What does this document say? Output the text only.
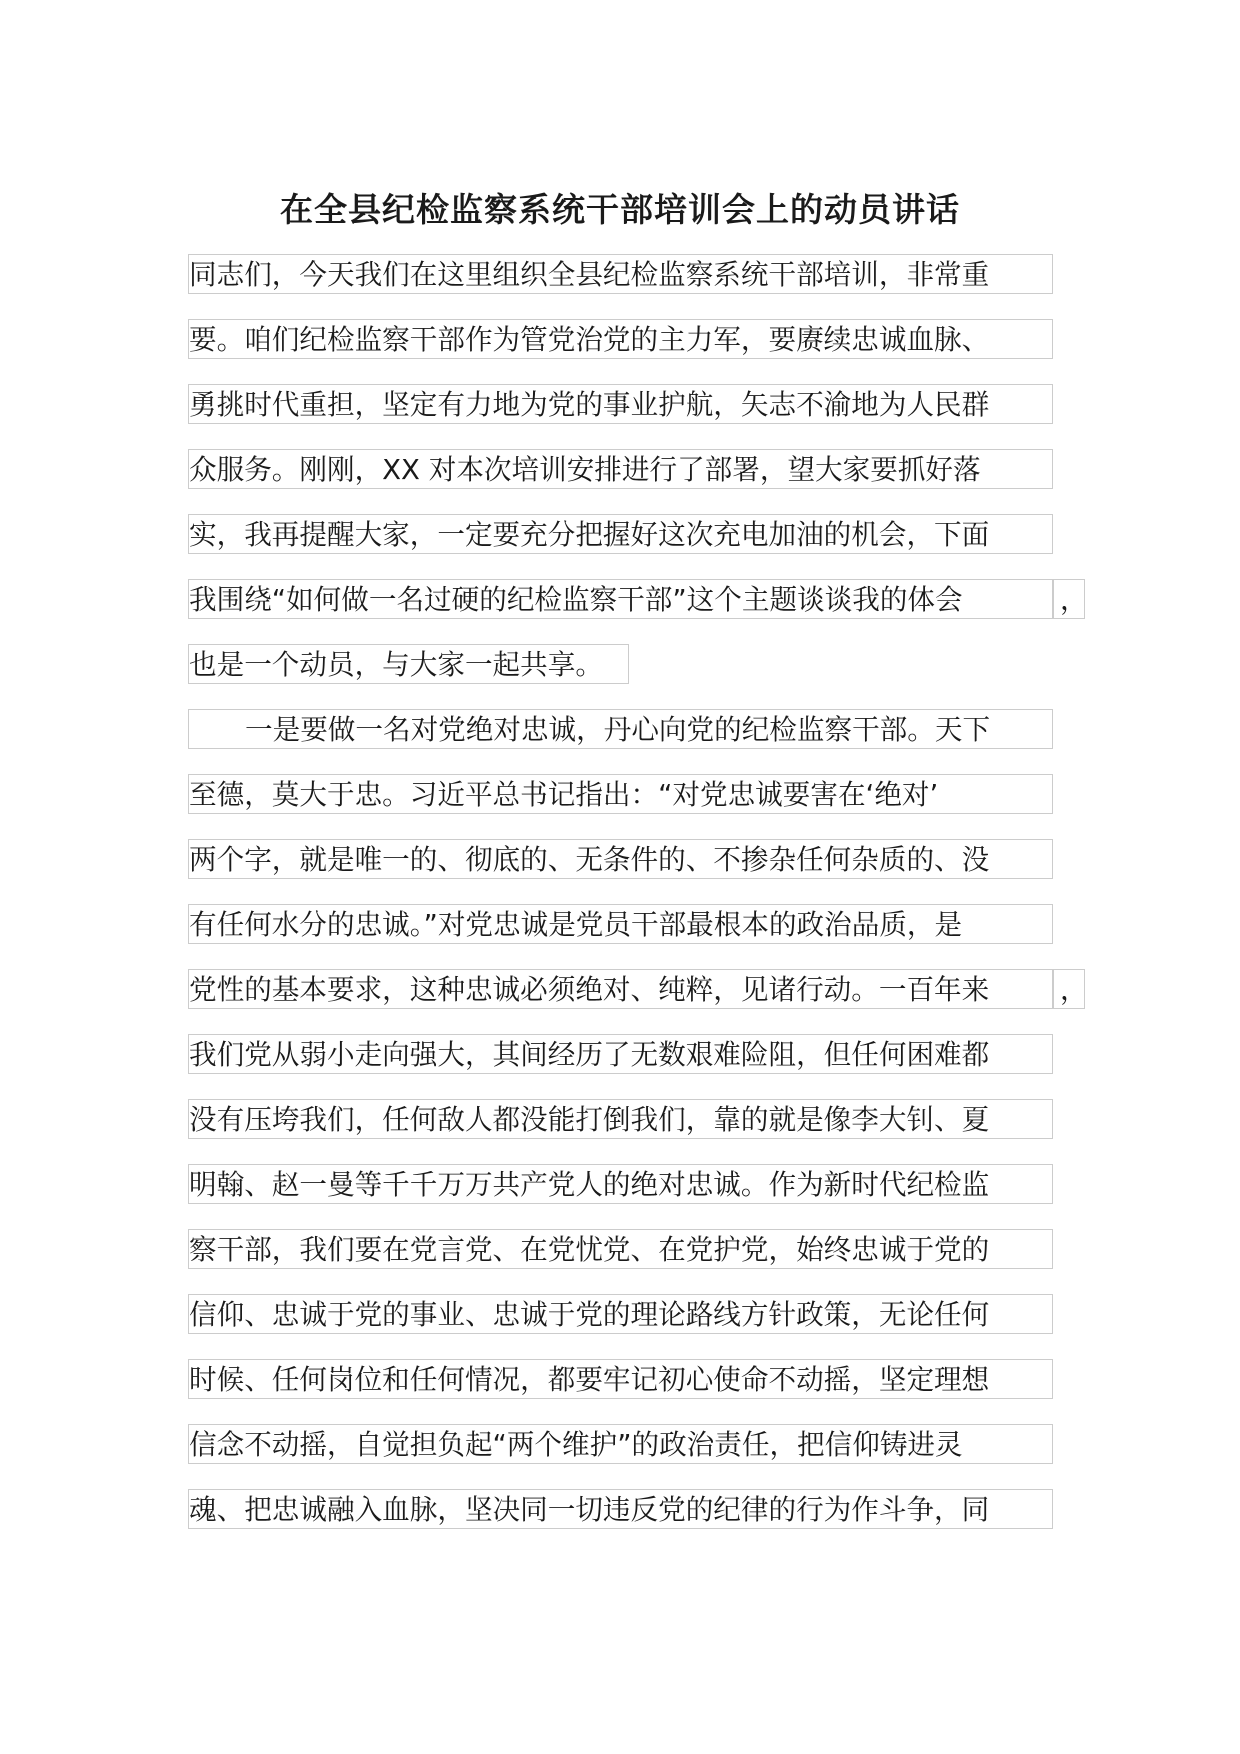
在全县纪检监察系统干部培训会上的动员讲话
同志们，今天我们在这里组织全县纪检监察系统干部培训，非常重
要。咱们纪检监察干部作为管党治党的主力军，要赓续忠诚血脉、
勇挑时代重担，坚定有力地为党的事业护航，矢志不渝地为人民群
众服务。刚刚，XX 对本次培训安排进行了部署，望大家要抓好落
实，我再提醒大家，一定要充分把握好这次充电加油的机会，下面
我围绕“如何做一名过硬的纪检监察干部”这个主题谈谈我的体会	，
也是一个动员，与大家一起共享。
一是要做一名对党绝对忠诚，丹心向党的纪检监察干部。天下
至德，莫大于忠。习近平总书记指出：“对党忠诚要害在‘绝对’
两个字，就是唯一的、彻底的、无条件的、不掺杂任何杂质的、没
有任何水分的忠诚。”对党忠诚是党员干部最根本的政治品质，是
党性的基本要求，这种忠诚必须绝对、纯粹，见诸行动。一百年来	，
我们党从弱小走向强大，其间经历了无数艰难险阻，但任何困难都
没有压垮我们，任何敌人都没能打倒我们，靠的就是像李大钊、夏
明翰、赵一曼等千千万万共产党人的绝对忠诚。作为新时代纪检监
察干部，我们要在党言党、在党忧党、在党护党，始终忠诚于党的
信仰、忠诚于党的事业、忠诚于党的理论路线方针政策，无论任何
时候、任何岗位和任何情况，都要牢记初心使命不动摇，坚定理想
信念不动摇，自觉担负起“两个维护”的政治责任，把信仰铸进灵
魂、把忠诚融入血脉，坚决同一切违反党的纪律的行为作斗争，同
